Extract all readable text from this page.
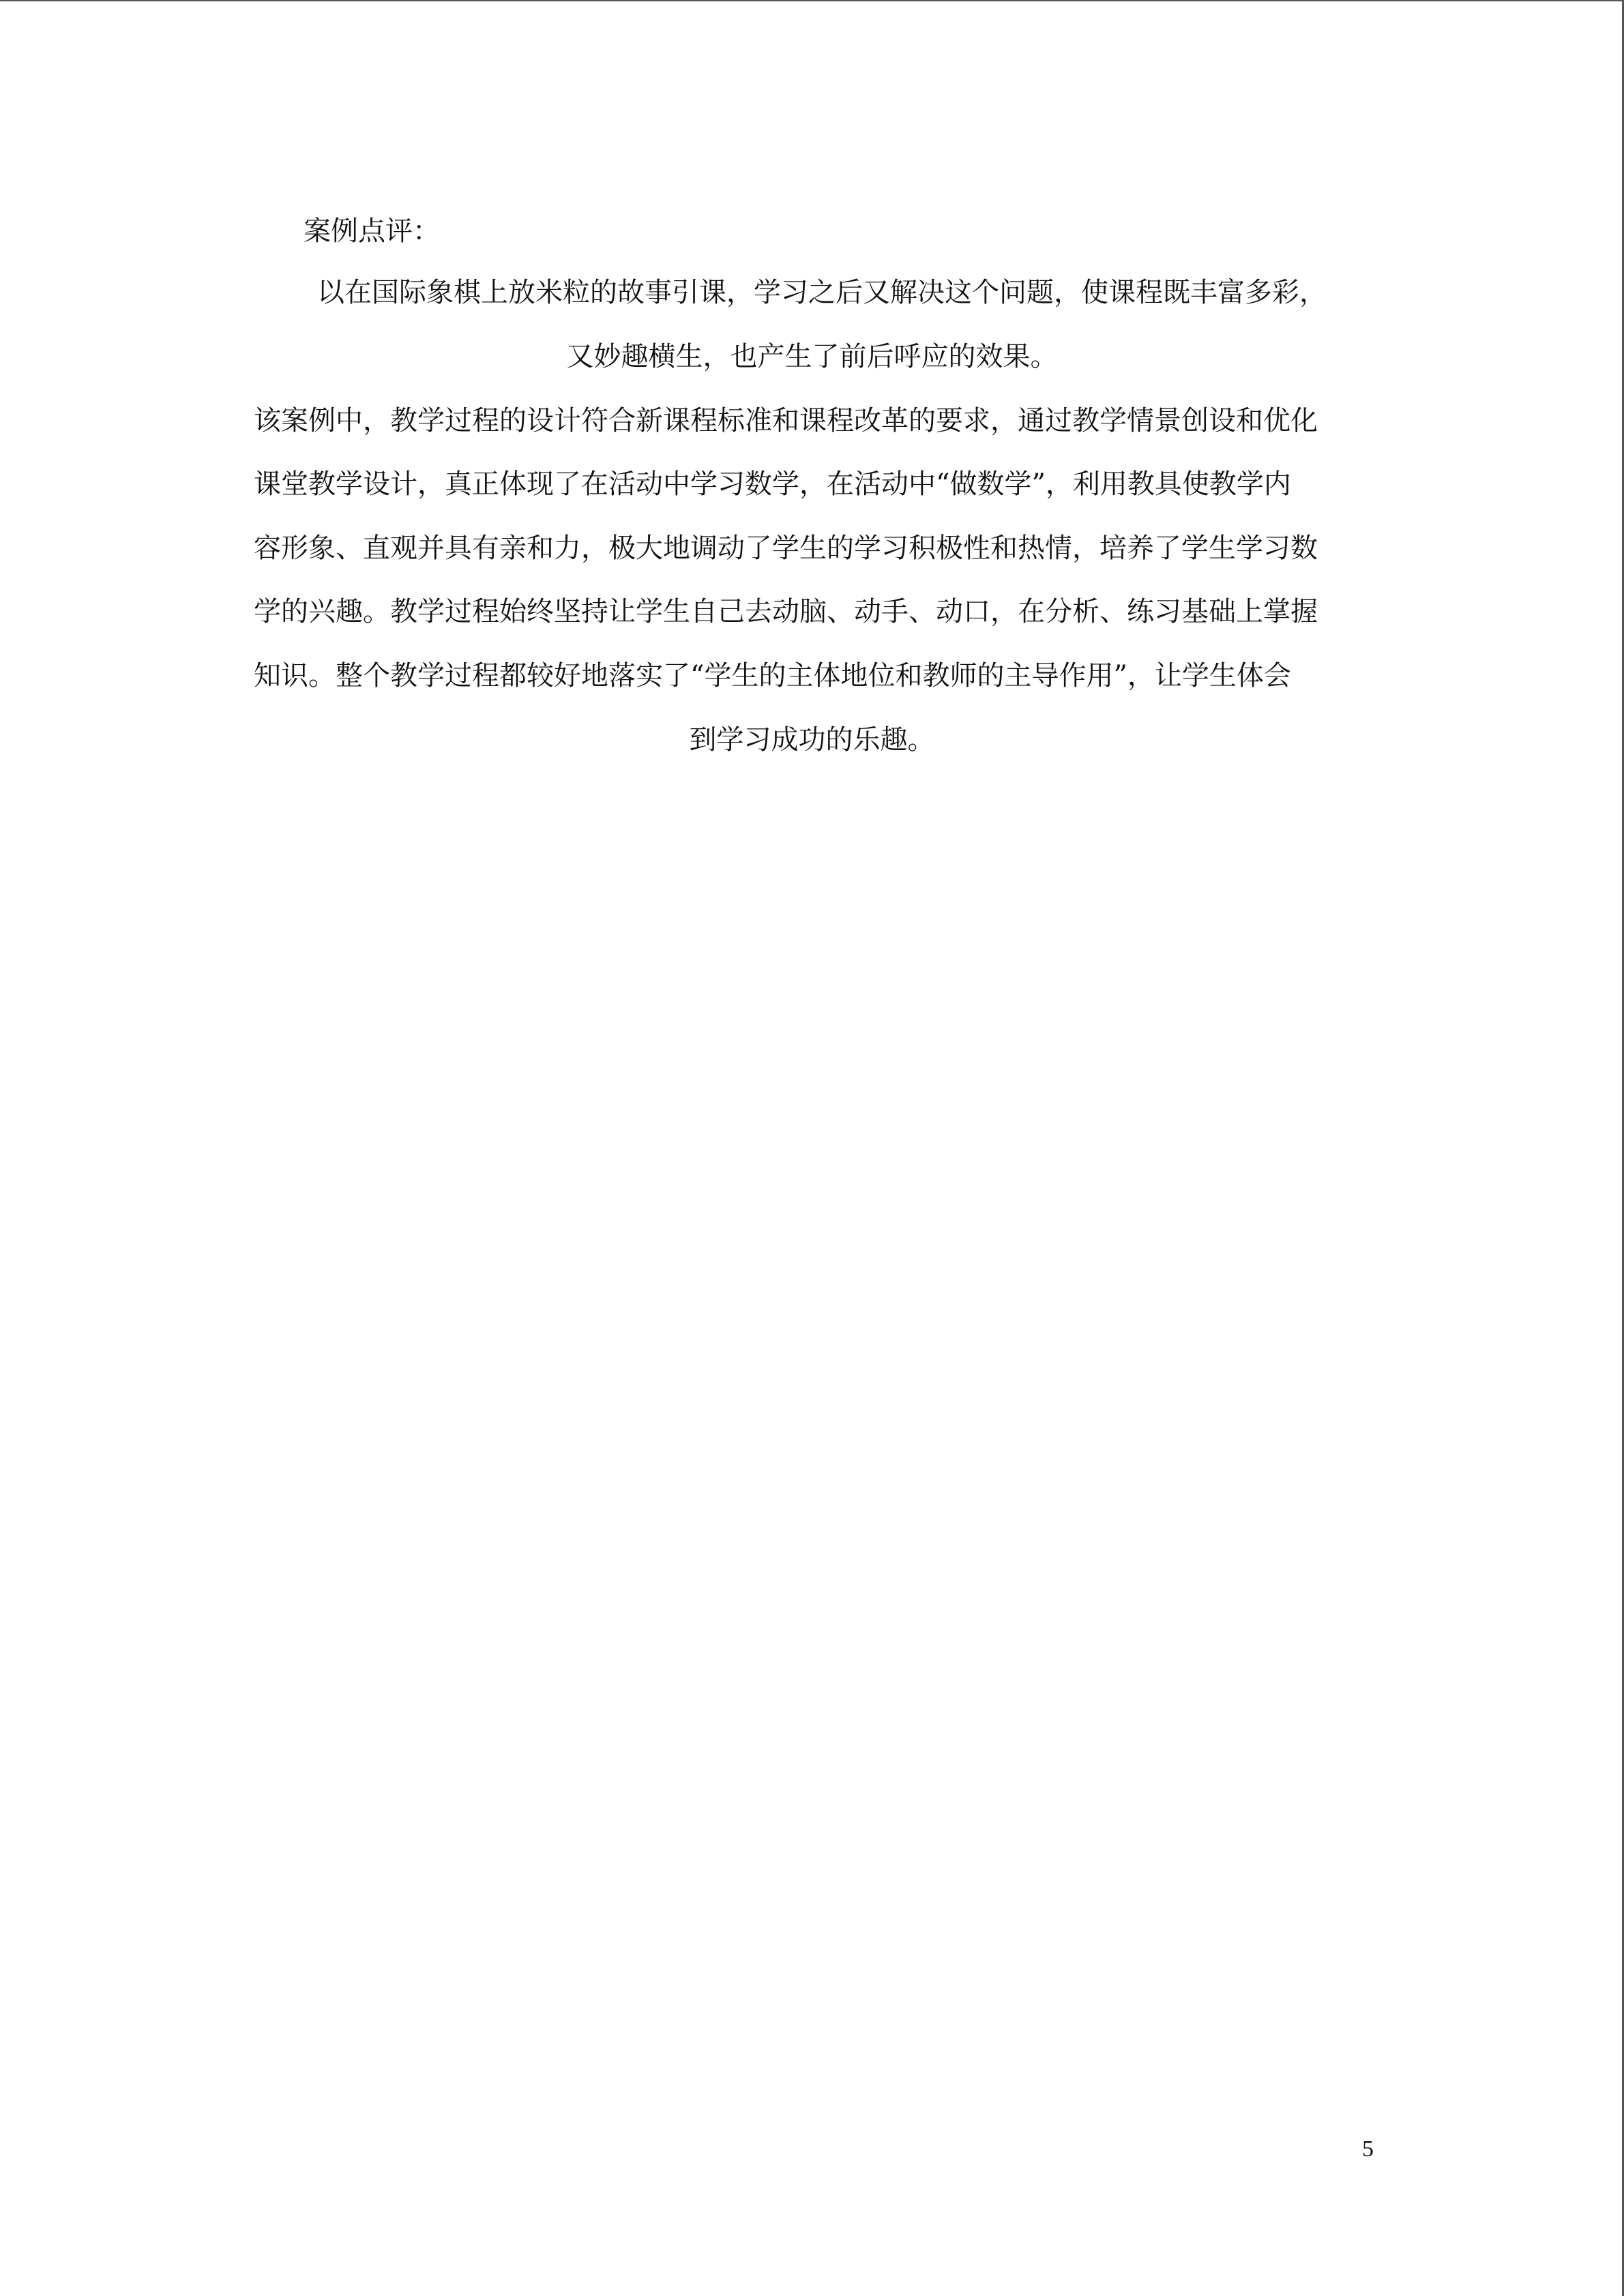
案例点评：
以在国际象棋上放米粒的故事引课，学习之后又解决这个问题，使课程既丰富多彩，
又妙趣横生，也产生了前后呼应的效果。
该案例中，教学过程的设计符合新课程标准和课程改革的要求，通过教学情景创设和优化
课堂教学设计，真正体现了在活动中学习数学，在活动中“做数学”，利用教具使教学内
容形象、直观并具有亲和力，极大地调动了学生的学习积极性和热情，培养了学生学习数
学的兴趣。教学过程始终坚持让学生自己去动脑、动手、动口，在分析、练习基础上掌握
知识。整个教学过程都较好地落实了“学生的主体地位和教师的主导作用”，让学生体会
到学习成功的乐趣。
5
